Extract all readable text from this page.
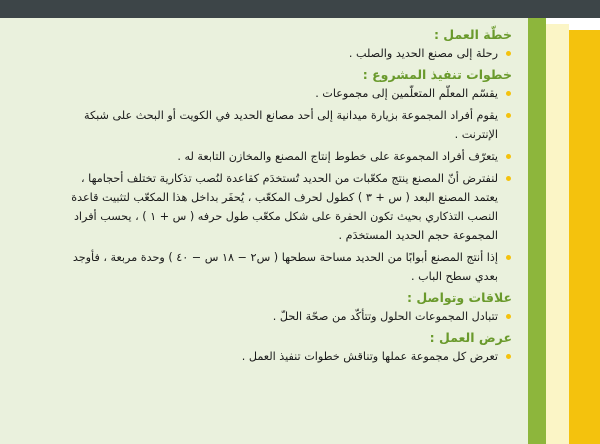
خطّة العمل :

رحلة إلى مصنع الحديد والصلب .

خطوات تنفيذ المشروع :

يقسّم المعلّم المتعلّمين إلى مجموعات .
يقوم أفراد المجموعة بزيارة ميدانية إلى أحد مصانع الحديد في الكويت أو البحث على شبكة الإنترنت .
يتعرّف أفراد المجموعة على خطوط إنتاج المصنع والمخازن التابعة له .
لنفترض أنّ المصنع ينتج مكعّبات من الحديد تُستخدَم كقاعدة لنُصب تذكارية تختلف أحجامها ، يعتمد المصنع البعد ( س + ٣ ) كطول لحرف المكعّب ، يُحفَر بداخل هذا المكعّب لتثبيت قاعدة النصب التذكاري بحيث تكون الحفرة على شكل مكعّب طول حرفه ( س + ١ ) ، يحسب أفراد المجموعة حجم الحديد المستخدَم .
إذا أنتج المصنع أبوابًا من الحديد مساحة سطحها ( س٢ − ١٨ س − ٤٠ ) وحدة مربعة ، فأوجد بعدي سطح الباب .

علاقات وتواصل :

تتبادل المجموعات الحلول وتتأكّد من صحّة الحلّ .

عرض العمل :

تعرض كل مجموعة عملها وتناقش خطوات تنفيذ العمل .
